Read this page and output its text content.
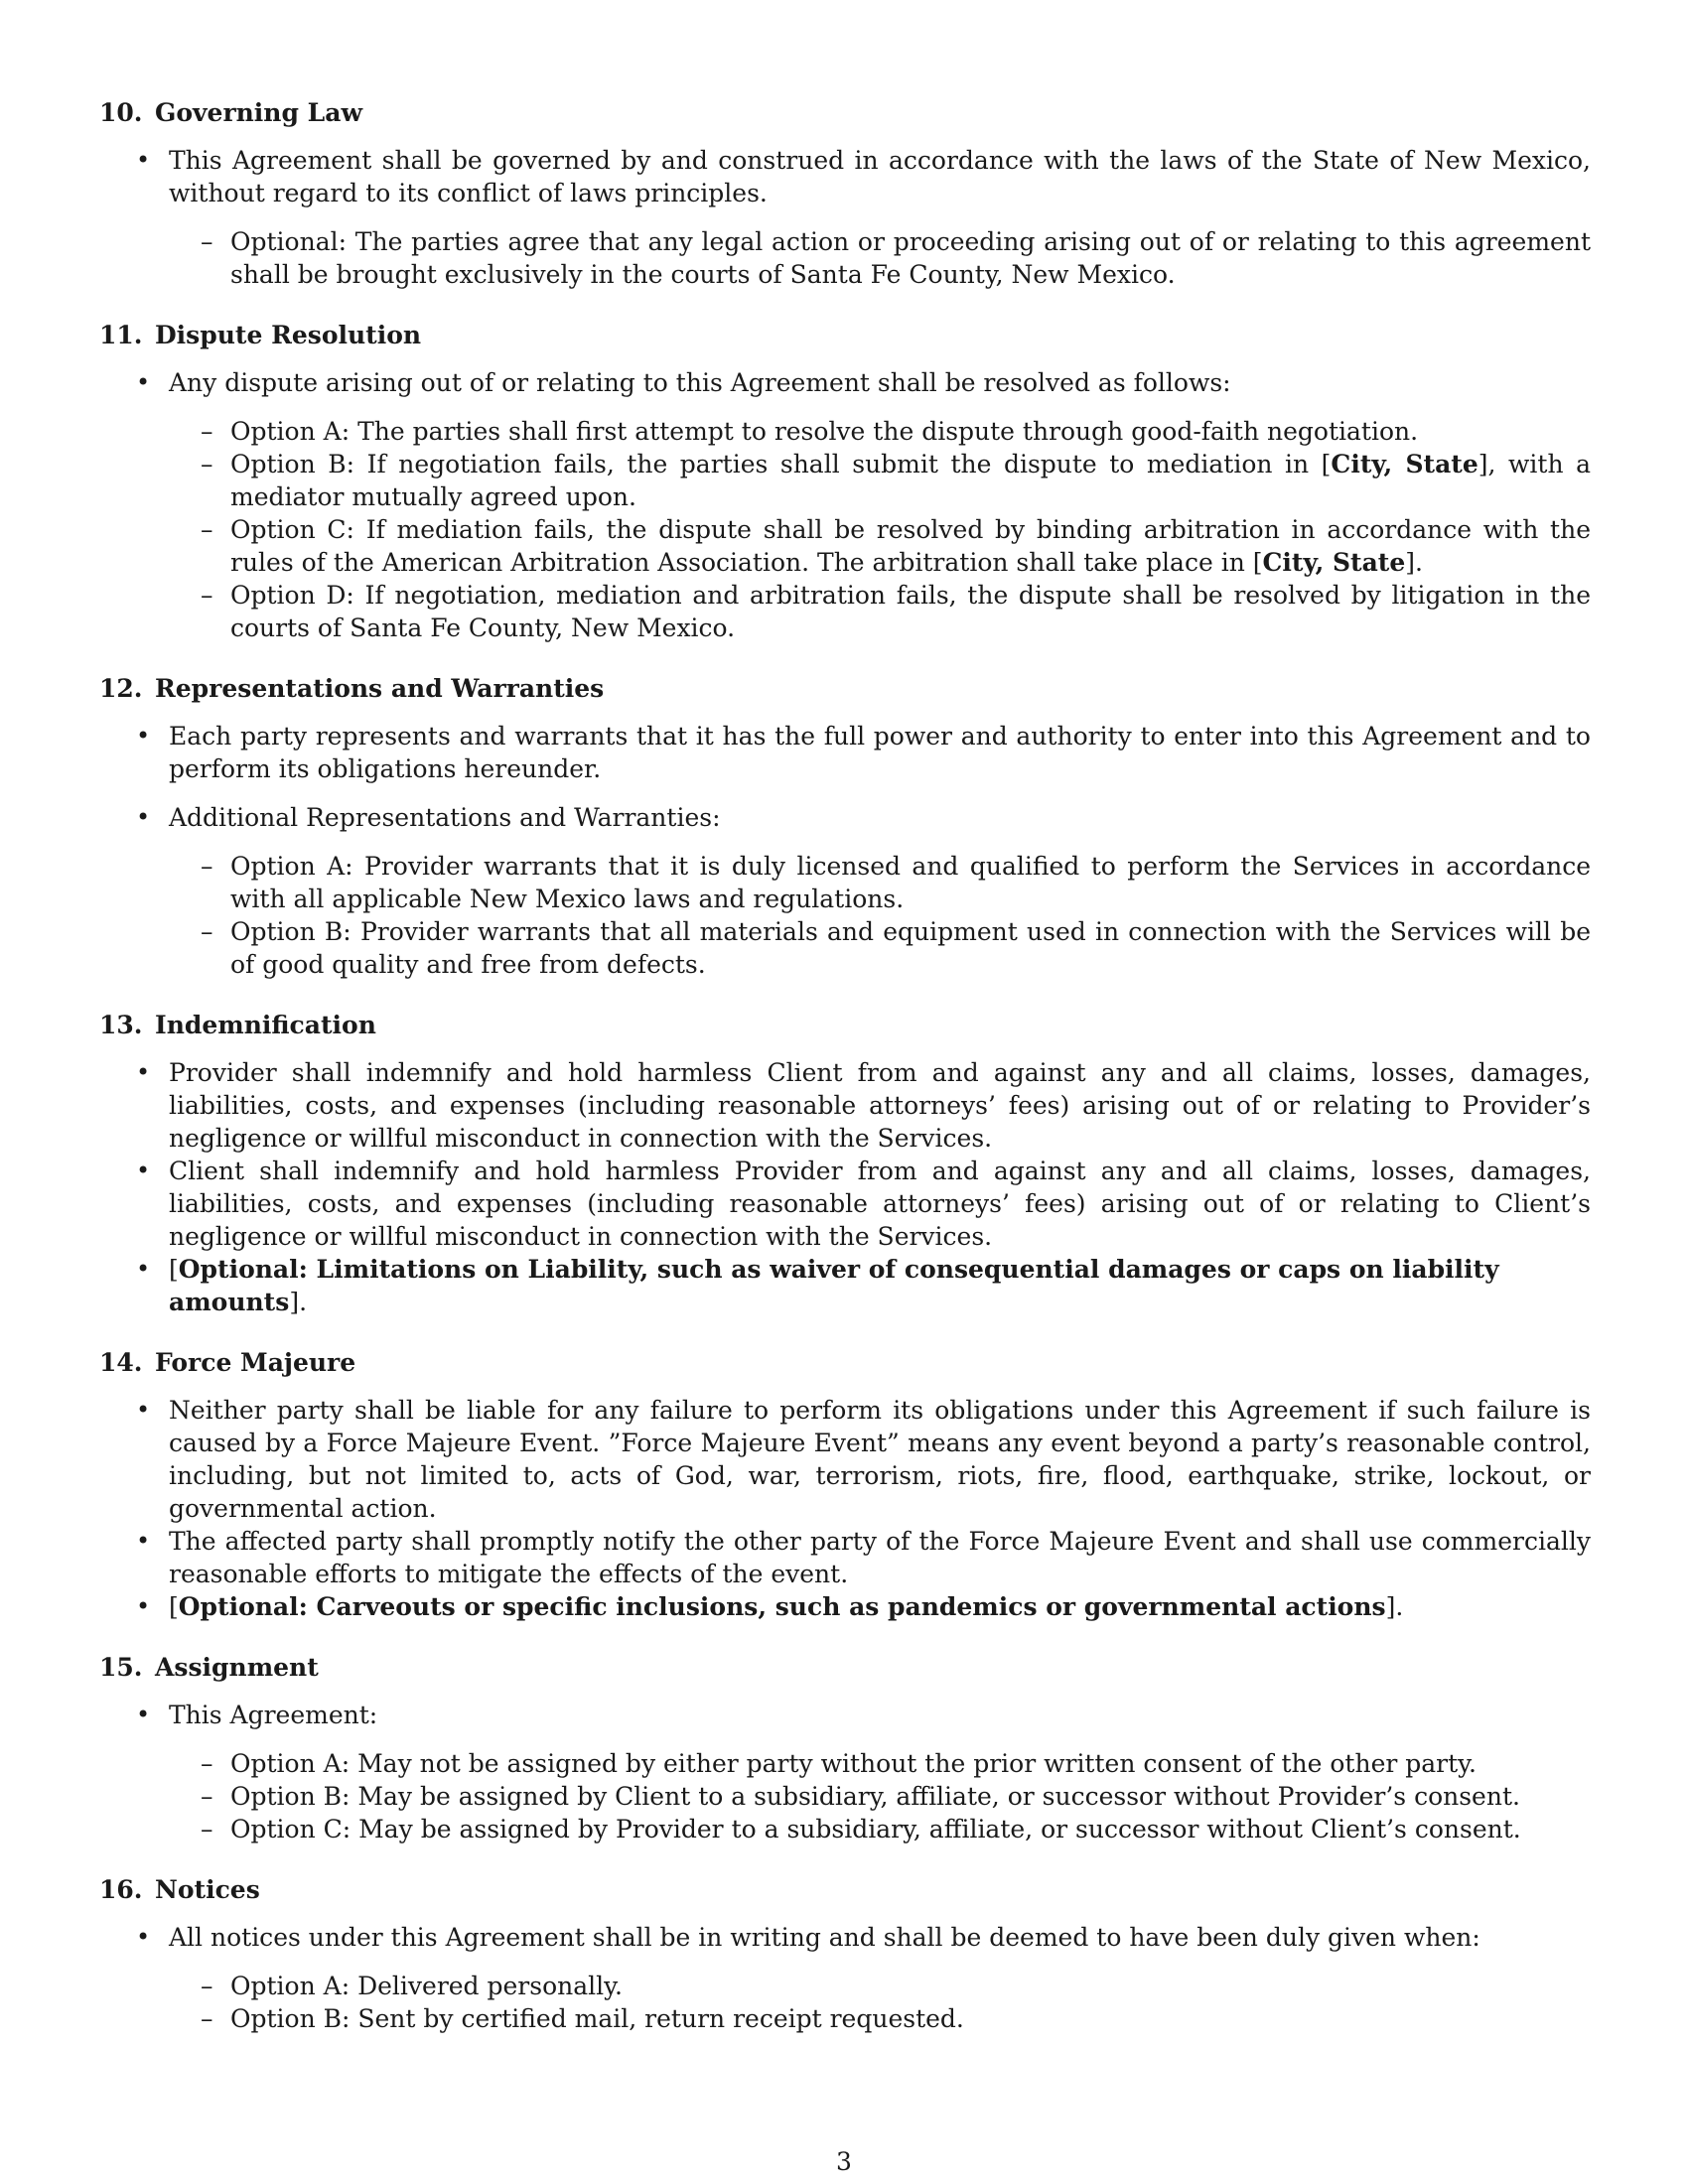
10. Governing Law
• This Agreement shall be governed by and construed in accordance with the laws of the State of New Mexico, without regard to its conflict of laws principles.
– Optional: The parties agree that any legal action or proceeding arising out of or relating to this agreement shall be brought exclusively in the courts of Santa Fe County, New Mexico.
11. Dispute Resolution
• Any dispute arising out of or relating to this Agreement shall be resolved as follows:
– Option A: The parties shall first attempt to resolve the dispute through good-faith negotiation.
– Option B: If negotiation fails, the parties shall submit the dispute to mediation in [City, State], with a mediator mutually agreed upon.
– Option C: If mediation fails, the dispute shall be resolved by binding arbitration in accordance with the rules of the American Arbitration Association. The arbitration shall take place in [City, State].
– Option D: If negotiation, mediation and arbitration fails, the dispute shall be resolved by litigation in the courts of Santa Fe County, New Mexico.
12. Representations and Warranties
• Each party represents and warrants that it has the full power and authority to enter into this Agreement and to perform its obligations hereunder.
• Additional Representations and Warranties:
– Option A: Provider warrants that it is duly licensed and qualified to perform the Services in accordance with all applicable New Mexico laws and regulations.
– Option B: Provider warrants that all materials and equipment used in connection with the Services will be of good quality and free from defects.
13. Indemnification
• Provider shall indemnify and hold harmless Client from and against any and all claims, losses, damages, liabilities, costs, and expenses (including reasonable attorneys’ fees) arising out of or relating to Provider’s negligence or willful misconduct in connection with the Services.
• Client shall indemnify and hold harmless Provider from and against any and all claims, losses, damages, liabilities, costs, and expenses (including reasonable attorneys’ fees) arising out of or relating to Client’s negligence or willful misconduct in connection with the Services.
• [Optional: Limitations on Liability, such as waiver of consequential damages or caps on liability amounts].
14. Force Majeure
• Neither party shall be liable for any failure to perform its obligations under this Agreement if such failure is caused by a Force Majeure Event. ”Force Majeure Event” means any event beyond a party’s reasonable control, including, but not limited to, acts of God, war, terrorism, riots, fire, flood, earthquake, strike, lockout, or governmental action.
• The affected party shall promptly notify the other party of the Force Majeure Event and shall use commercially reasonable efforts to mitigate the effects of the event.
• [Optional: Carveouts or specific inclusions, such as pandemics or governmental actions].
15. Assignment
• This Agreement:
– Option A: May not be assigned by either party without the prior written consent of the other party.
– Option B: May be assigned by Client to a subsidiary, affiliate, or successor without Provider’s consent.
– Option C: May be assigned by Provider to a subsidiary, affiliate, or successor without Client’s consent.
16. Notices
• All notices under this Agreement shall be in writing and shall be deemed to have been duly given when:
– Option A: Delivered personally.
– Option B: Sent by certified mail, return receipt requested.
3
